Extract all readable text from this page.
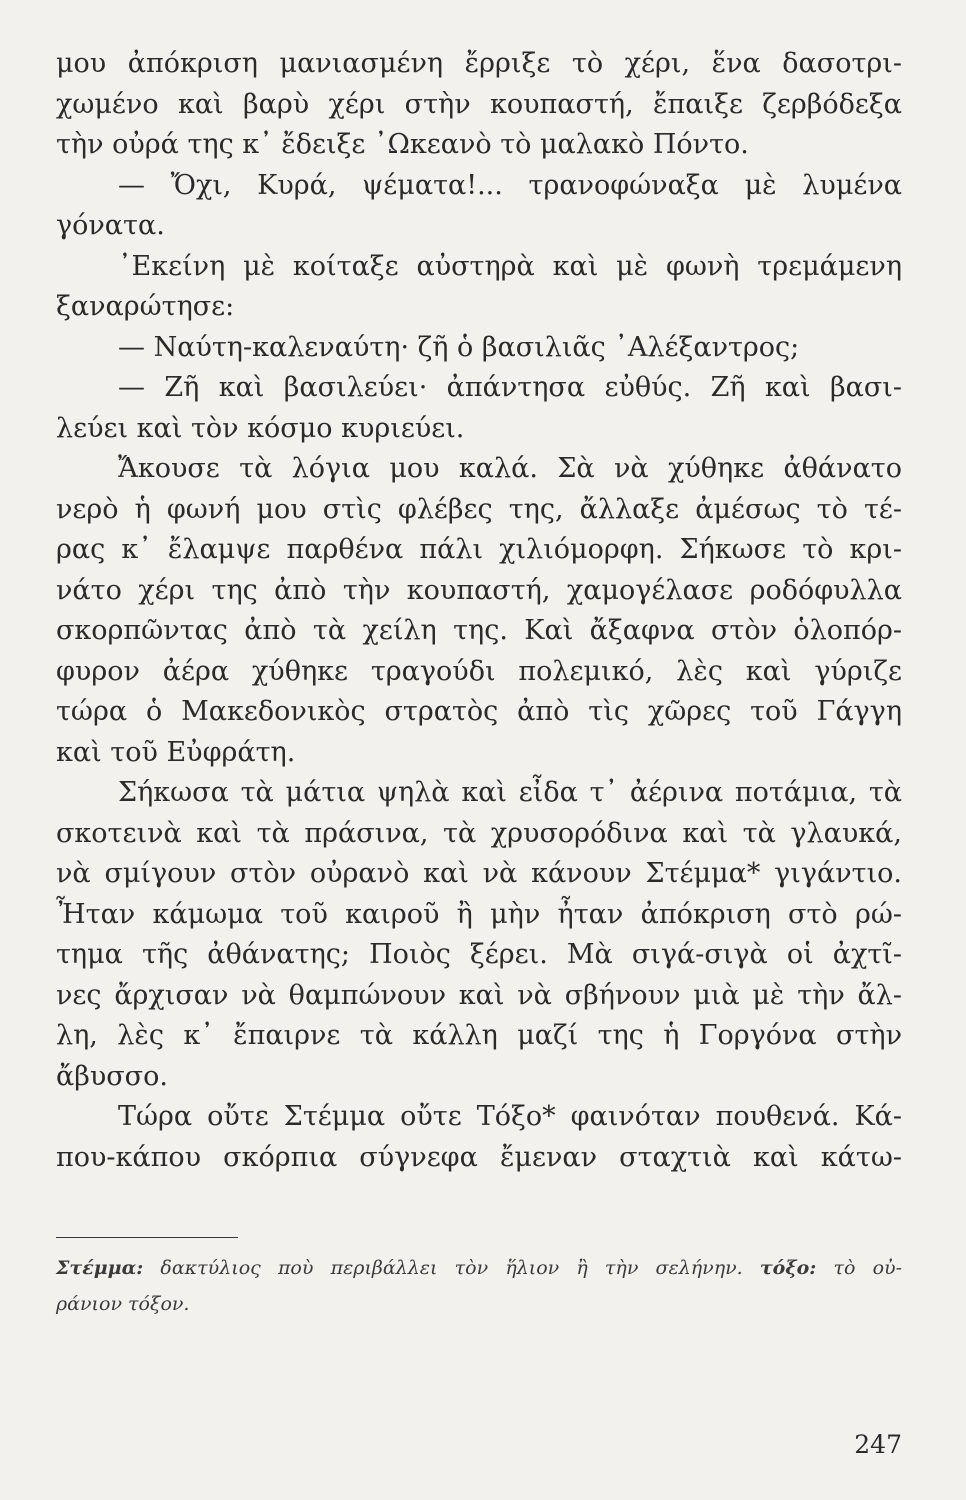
μου ἀπόκριση μανιασμένη ἔρριξε τὸ χέρι, ἕνα δασοτρι-
χωμένο καὶ βαρὺ χέρι στὴν κουπαστή, ἔπαιξε ζερβόδεξα
τὴν οὐρά της κ᾿ ἔδειξε ᾿Ωκεανὸ τὸ μαλακὸ Πόντο.
— Ὄχι, Κυρά, ψέματα!... τρανοφώναξα μὲ λυμένα
γόνατα.
᾿Εκείνη μὲ κοίταξε αὐστηρὰ καὶ μὲ φωνὴ τρεμάμενη
ξαναρώτησε:
— Ναύτη-καλεναύτη· ζῆ ὁ βασιλιᾶς ᾿Αλέξαντρος;
— Ζῆ καὶ βασιλεύει· ἀπάντησα εὐθύς. Ζῆ καὶ βασι-
λεύει καὶ τὸν κόσμο κυριεύει.
Ἄκουσε τὰ λόγια μου καλά. Σὰ νὰ χύθηκε ἀθάνατο
νερὸ ἡ φωνή μου στὶς φλέβες της, ἄλλαξε ἀμέσως τὸ τέ-
ρας κ᾿ ἔλαμψε παρθένα πάλι χιλιόμορφη. Σήκωσε τὸ κρι-
νάτο χέρι της ἀπὸ τὴν κουπαστή, χαμογέλασε ροδόφυλλα
σκορπῶντας ἀπὸ τὰ χείλη της. Καὶ ἄξαφνα στὸν ὁλοπόρ-
φυρον ἀέρα χύθηκε τραγούδι πολεμικό, λὲς καὶ γύριζε
τώρα ὁ Μακεδονικὸς στρατὸς ἀπὸ τὶς χῶρες τοῦ Γάγγη
καὶ τοῦ Εὐφράτη.
Σήκωσα τὰ μάτια ψηλὰ καὶ εἶδα τ᾿ ἀέρινα ποτάμια, τὰ
σκοτεινὰ καὶ τὰ πράσινα, τὰ χρυσορόδινα καὶ τὰ γλαυκά,
νὰ σμίγουν στὸν οὐρανὸ καὶ νὰ κάνουν Στέμμα* γιγάντιο.
Ἦταν κάμωμα τοῦ καιροῦ ἢ μὴν ἦταν ἀπόκριση στὸ ρώ-
τημα τῆς ἀθάνατης; Ποιὸς ξέρει. Μὰ σιγά-σιγὰ οἱ ἀχτῖ-
νες ἄρχισαν νὰ θαμπώνουν καὶ νὰ σβήνουν μιὰ μὲ τὴν ἄλ-
λη, λὲς κ᾿ ἔπαιρνε τὰ κάλλη μαζί της ἡ Γοργόνα στὴν
ἄβυσσο.
Τώρα οὔτε Στέμμα οὔτε Τόξο* φαινόταν πουθενά. Κά-
που-κάπου σκόρπια σύγνεφα ἔμεναν σταχτιὰ καὶ κάτω-
Στέμμα: δακτύλιος ποὺ περιβάλλει τὸν ἥλιον ἢ τὴν σελήνην. τόξο: τὸ οὐ-
ράνιον τόξον.
247
